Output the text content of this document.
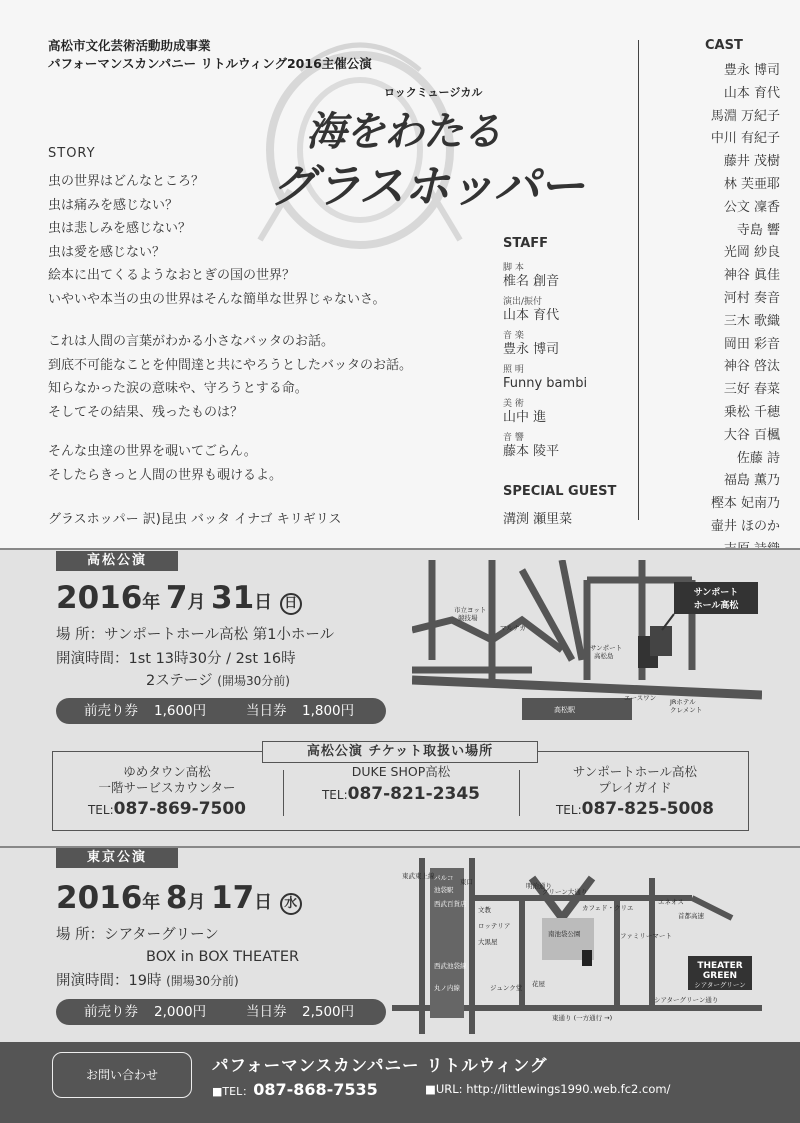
高松市文化芸術活動助成事業
パフォーマンスカンパニー リトルウィング2016主催公演
ロックミュージカル
海をわたる
グラスホッパー
STORY

虫の世界はどんなところ？

虫は痛みを感じない？

虫は悲しみを感じない？

虫は愛を感じない？

絵本に出てくるようなおとぎの国の世界？

いやいや本当の虫の世界はそんな簡単な世界じゃないさ。

これは人間の言葉がわかる小さなバッタのお話。

到底不可能なことを仲間達と共にやろうとしたバッタのお話。

知らなかった涙の意味や、守ろうとする命。

そしてその結果、残ったものは？

そんな虫達の世界を覗いてごらん。

そしたらきっと人間の世界も覗けるよ。

グラスホッパー 訳)昆虫 バッタ イナゴ キリギリス

STAFF
脚 本
椎名 創音
演出/振付
山本 育代
音 楽
豊永 博司
照 明
Funny bambi
美 術
山中 進
音 響
藤本 陵平
SPECIAL GUEST
溝渕 瀬里菜
CAST

豊永 博司

山本 育代

馬淵 万紀子

中川 有紀子

藤井 茂樹

林 芙亜耶

公文 凜香

寺島 響

光岡 紗良

神谷 眞佳

河村 奏音

三木 歌織

岡田 彩音

神谷 啓汰

三好 春菜

乗松 千穂

大谷 百楓

佐藤 詩

福島 薫乃

樫本 妃南乃

壷井 ほのか

高松公演
2016年 7月 31日 日
場 所：サンポートホール高松 第1小ホール
開演時間：1st 13時30分 / 2st 16時
2ステージ (開場30分前)
前売り券 1,600円	当日券 1,800円
市立ヨット
競技場
マルナカ
サンポート
高松島
エースワン JRホテル
クレメント
高松駅
サンポート
ホール高松
ゆめタウン高松
一階サービスカウンター
TEL:087-869-7500
DUKE SHOP高松
TEL:087-821-2345
サンポートホール高松
プレイガイド
TEL:087-825-5008
高松公演 チケット取扱い場所
東京公演
2016年 8月 17日 水
場 所：シアターグリーン
BOX in BOX THEATER
開演時間：19時 (開場30分前)
前売り券 2,000円	当日券 2,500円
東武東上線 パルコ
西武百貨店
池袋駅
西武池袋線
丸ノ内線
東口
文教
ロッテリア
大黒屋
ジュンク堂 花屋
南池袋公園
グリーン大通り
カフェド・クリエ
エネオス
ファミリーマート
明治通り
東通り (一方通行 →)
シアターグリーン通り
首都高速
THEATER
GREEN
シアターグリーン
お問い合わせ	パフォーマンスカンパニー リトルウィング
■TEL：087-868-7535	■URL: http://littlewings1990.web.fc2.com/
